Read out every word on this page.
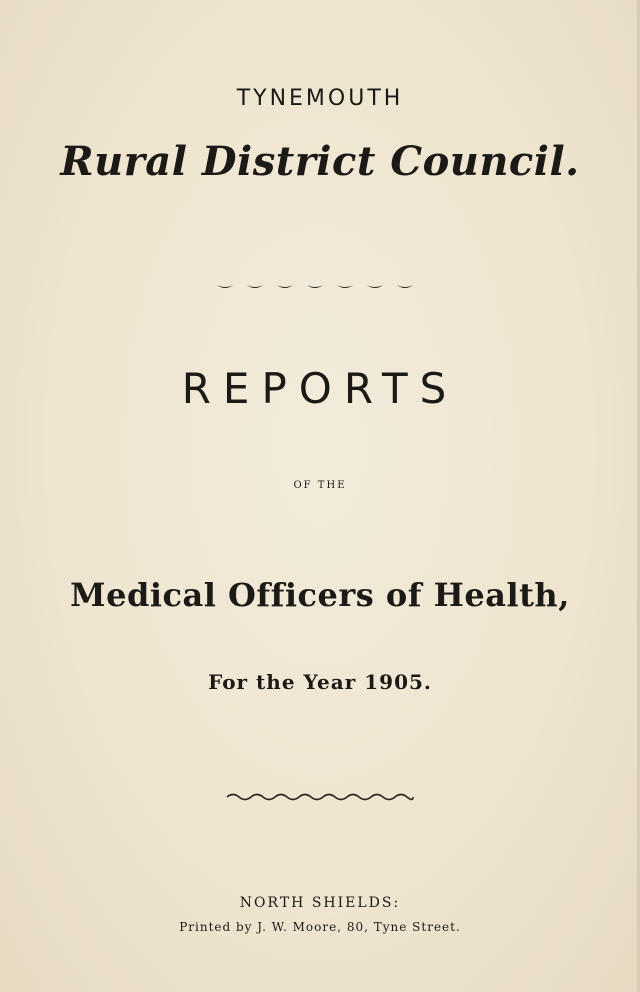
TYNEMOUTH
Rural District Council.
REPORTS
OF THE
Medical Officers of Health,
For the Year 1905.
NORTH SHIELDS:
Printed by J. W. Moore, 80, Tyne Street.
